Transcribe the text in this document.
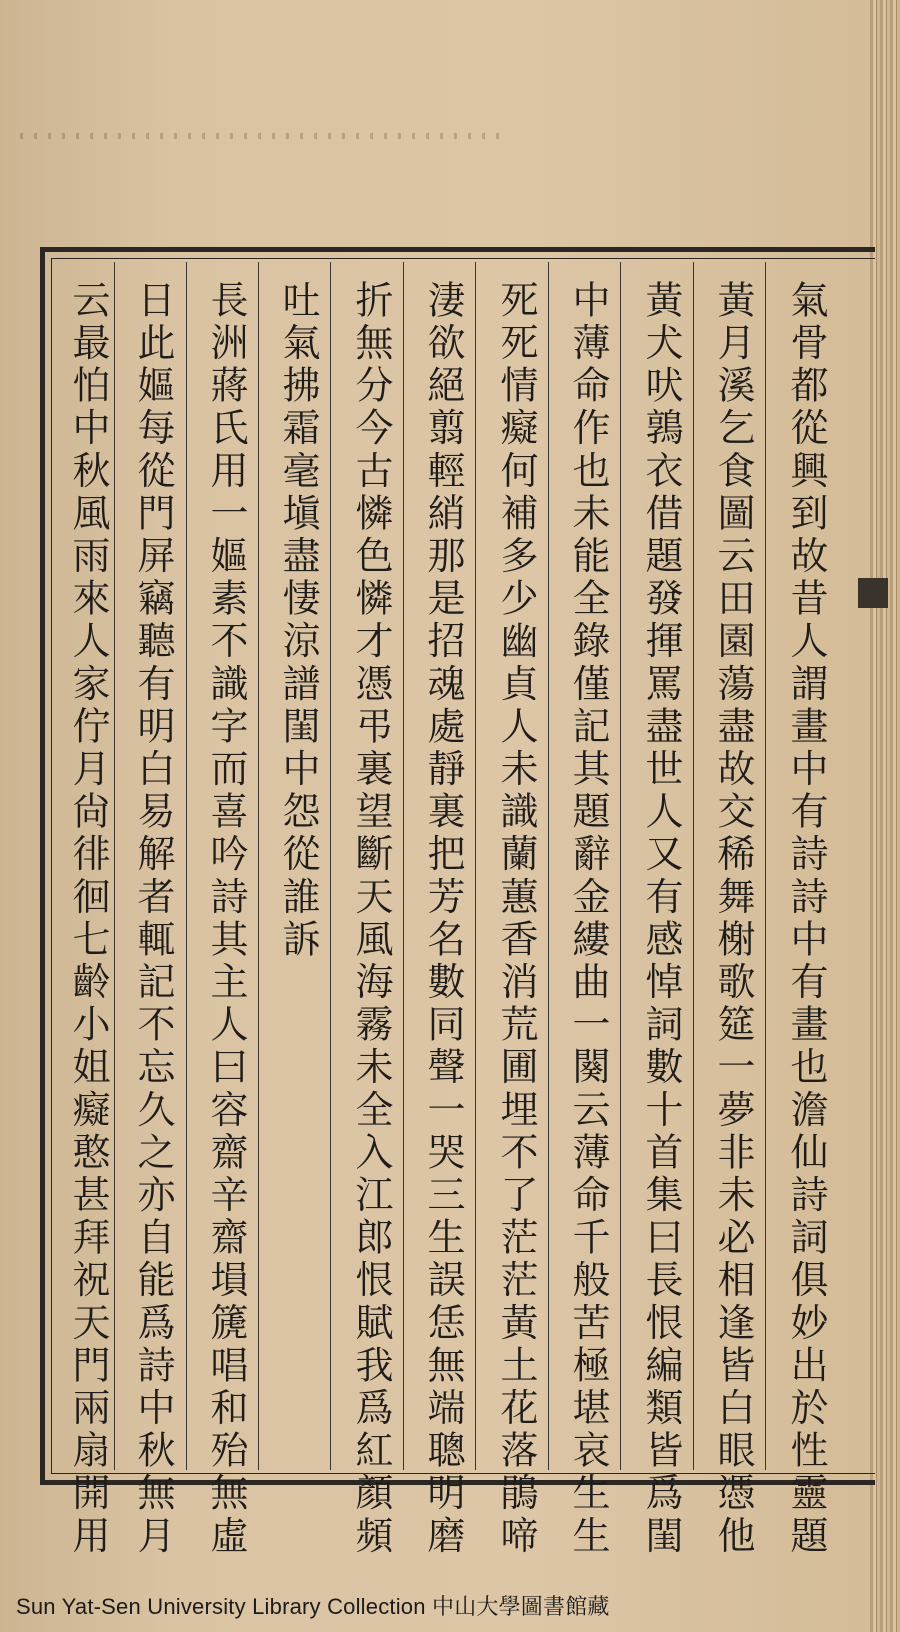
氣骨都從興到故昔人謂畫中有詩詩中有畫也澹仙詩詞俱妙出於性靈題
黃月溪乞食圖云田園蕩盡故交稀舞榭歌筵一夢非未必相逢皆白眼憑他
黃犬吠鶉衣借題發揮罵盡世人又有感悼詞數十首集曰長恨編類皆爲閨
中薄命作也未能全錄僅記其題辭金縷曲一闋云薄命千般苦極堪哀生生
死死情癡何補多少幽貞人未識蘭蕙香消荒圃埋不了茫茫黃土花落鵑啼
淒欲絕翦輕綃那是招魂處靜裏把芳名數同聲一哭三生誤恁無端聰明磨
折無分今古憐色憐才憑弔裏望斷天風海霧未全入江郎恨賦我爲紅顏頻
吐氣拂霜毫塡盡悽涼譜閨中怨從誰訴
長洲蔣氏用一嫗素不識字而喜吟詩其主人曰容齋辛齋塤篪唱和殆無虛
日此嫗每從門屏竊聽有明白易解者輒記不忘久之亦自能爲詩中秋無月
云最怕中秋風雨來人家佇月尙徘徊七齡小姐癡憨甚拜祝天門兩扇開用
Sun Yat-Sen University Library Collection 中山大學圖書館藏
